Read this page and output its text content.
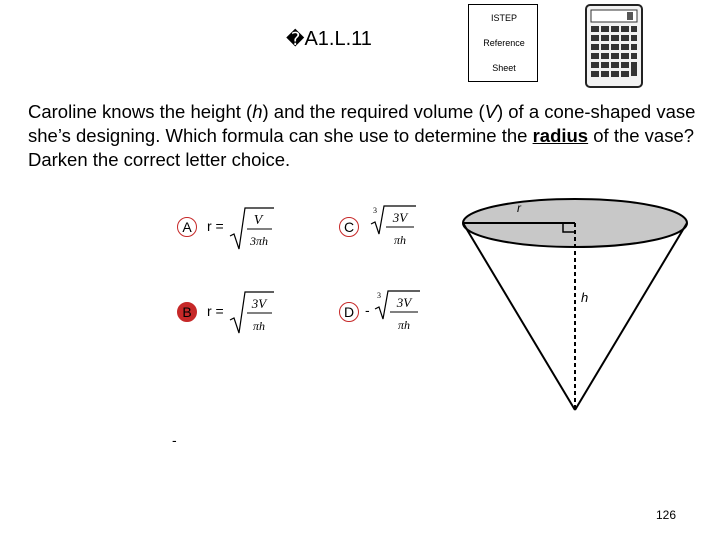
�A1.L.11
ISTEP
Reference
Sheet
Caroline knows the height (h) and the required volume (V) of a cone-shaped vase she’s designing. Which formula can she use to determine the radius of the vase? Darken the correct letter choice.
A r = V
3πh
C
3 3V
πh
B r = 3V
πh
D -
3 3V
πh
r
h
-
126
